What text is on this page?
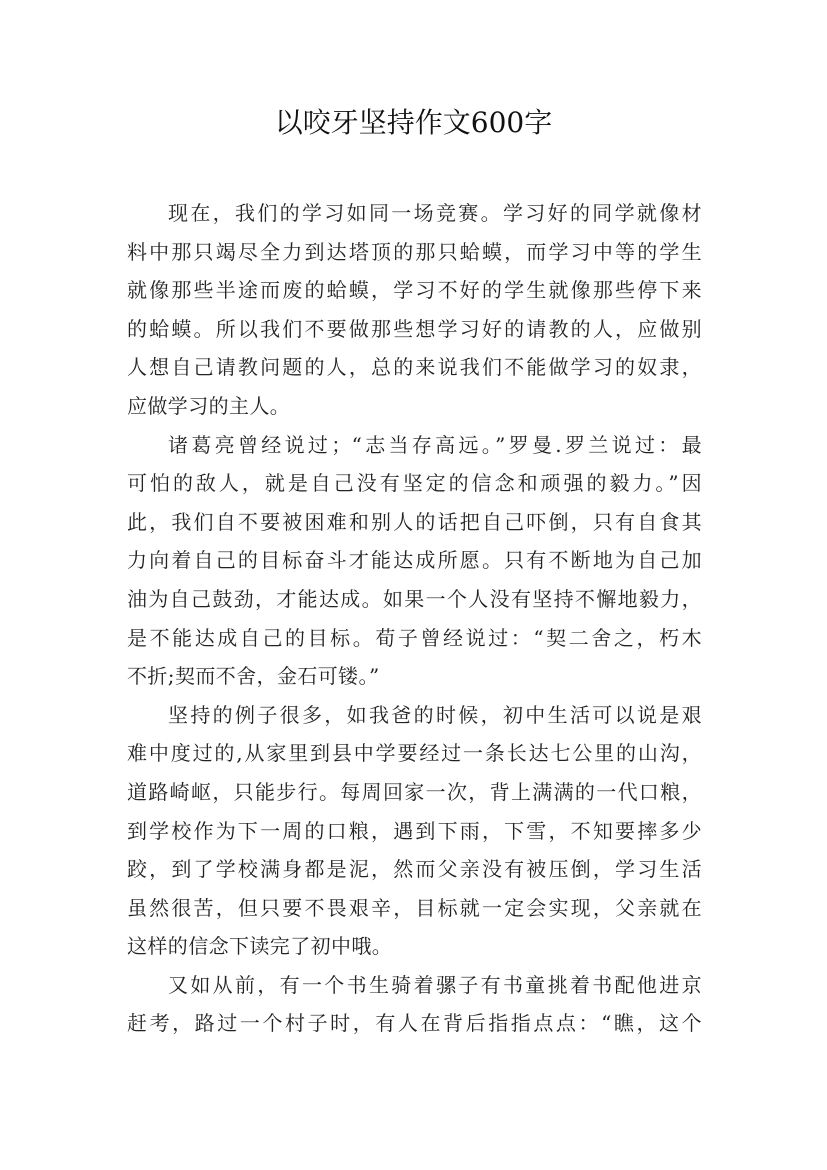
以咬牙坚持作文600字
现在，我们的学习如同一场竞赛。学习好的同学就像材
料中那只竭尽全力到达塔顶的那只蛤蟆，而学习中等的学生
就像那些半途而废的蛤蟆，学习不好的学生就像那些停下来
的蛤蟆。所以我们不要做那些想学习好的请教的人，应做别
人想自己请教问题的人，总的来说我们不能做学习的奴隶，
应做学习的主人。
诸葛亮曾经说过；“志当存高远。”罗曼.罗兰说过：最
可怕的敌人，就是自己没有坚定的信念和顽强的毅力。”因
此，我们自不要被困难和别人的话把自己吓倒，只有自食其
力向着自己的目标奋斗才能达成所愿。只有不断地为自己加
油为自己鼓劲，才能达成。如果一个人没有坚持不懈地毅力，
是不能达成自己的目标。荀子曾经说过：“契二舍之，朽木
不折;契而不舍，金石可镂。”
坚持的例子很多，如我爸的时候，初中生活可以说是艰
难中度过的,从家里到县中学要经过一条长达七公里的山沟，
道路崎岖，只能步行。每周回家一次，背上满满的一代口粮，
到学校作为下一周的口粮，遇到下雨，下雪，不知要摔多少
跤，到了学校满身都是泥，然而父亲没有被压倒，学习生活
虽然很苦，但只要不畏艰辛，目标就一定会实现，父亲就在
这样的信念下读完了初中哦。
又如从前，有一个书生骑着骡子有书童挑着书配他进京
赶考，路过一个村子时，有人在背后指指点点：“瞧，这个
